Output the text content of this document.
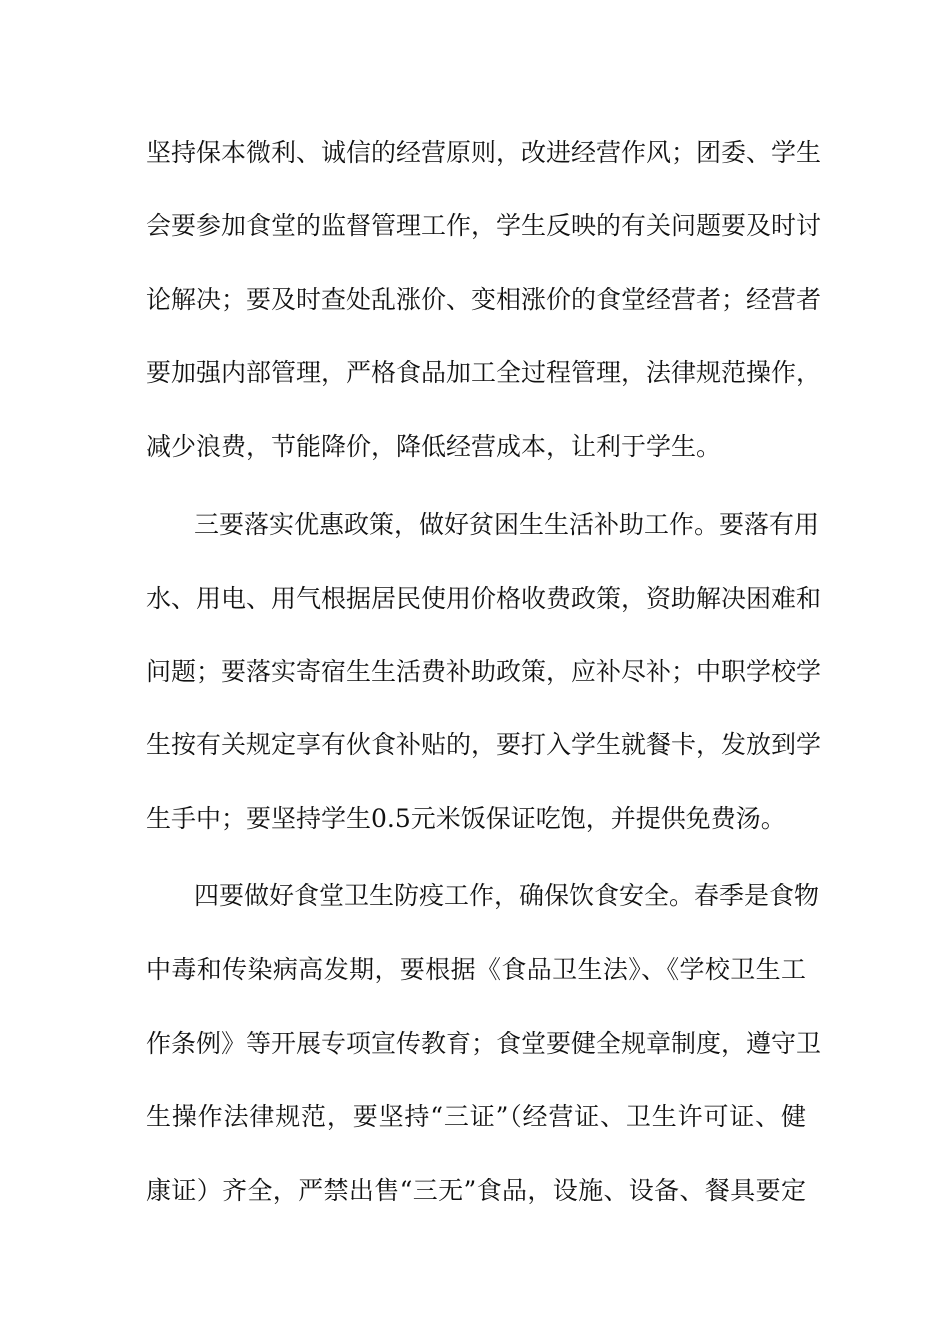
坚持保本微利、诚信的经营原则，改进经营作风；团委、学生
会要参加食堂的监督管理工作，学生反映的有关问题要及时讨
论解决；要及时查处乱涨价、变相涨价的食堂经营者；经营者
要加强内部管理，严格食品加工全过程管理，法律规范操作，
减少浪费，节能降价，降低经营成本，让利于学生。
三要落实优惠政策，做好贫困生生活补助工作。要落有用
水、用电、用气根据居民使用价格收费政策，资助解决困难和
问题；要落实寄宿生生活费补助政策，应补尽补；中职学校学
生按有关规定享有伙食补贴的，要打入学生就餐卡，发放到学
生手中；要坚持学生0.5元米饭保证吃饱，并提供免费汤。
四要做好食堂卫生防疫工作，确保饮食安全。春季是食物
中毒和传染病高发期，要根据《食品卫生法》、《学校卫生工
作条例》等开展专项宣传教育；食堂要健全规章制度，遵守卫
生操作法律规范，要坚持“三证”（经营证、卫生许可证、健
康证）齐全，严禁出售“三无”食品，设施、设备、餐具要定
